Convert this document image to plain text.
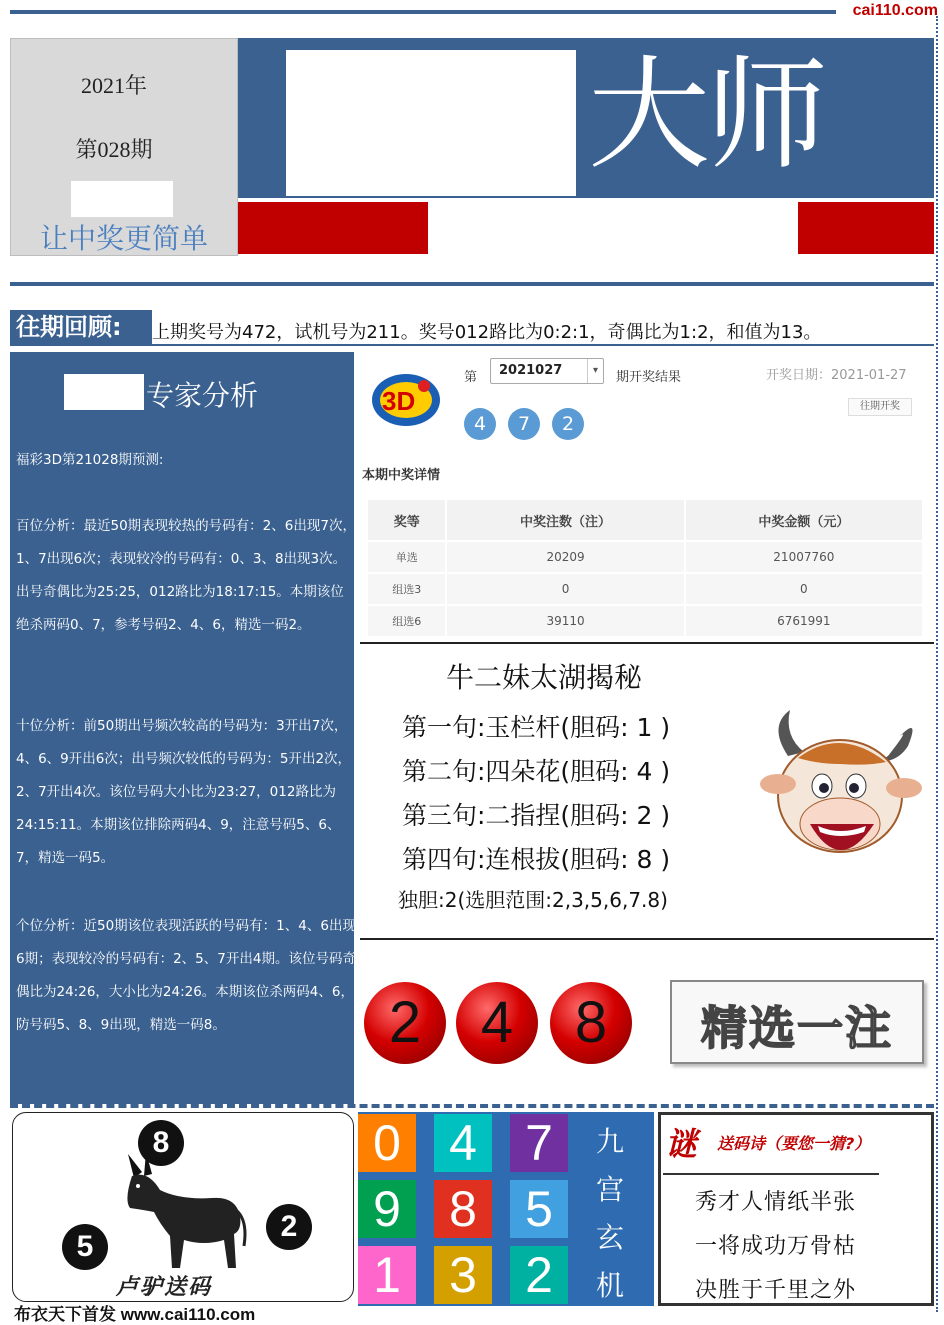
cai110.com
2021年
第028期
让中奖更简单
大师
往期回顾:	上期奖号为472，试机号为211。奖号012路比为0:2:1，奇偶比为1:2，和值为13。
专家分析
福彩3D第21028期预测:
百位分析：最近50期表现较热的号码有：2、6出现7次，1、7出现6次；表现较冷的号码有：0、3、8出现3次。出号奇偶比为25:25，012路比为18:17:15。本期该位绝杀两码0、7，参考号码2、4、6，精选一码2。
十位分析：前50期出号频次较高的号码为：3开出7次，4、6、9开出6次；出号频次较低的号码为：5开出2次，2、7开出4次。该位号码大小比为23:27，012路比为24:15:11。本期该位排除两码4、9，注意号码5、6、7，精选一码5。
个位分析：近50期该位表现活跃的号码有：1、4、6出现6期；表现较冷的号码有：2、5、7开出4期。该位号码奇偶比为24:26，大小比为24:26。本期该位杀两码4、6，防号码5、8、9出现，精选一码8。
3D
第	2021027	▾	期开奖结果	开奖日期：2021-01-27
往期开奖
4	7	2
本期中奖详情
奖等	中奖注数（注）	中奖金额（元）
单选	20209	21007760
组选3	0	0
组选6	39110	6761991
牛二妹太湖揭秘
第一句:玉栏杆(胆码: 1 )
第二句:四朵花(胆码: 4 )
第三句:二指捏(胆码: 2 )
第四句:连根拔(胆码: 8 )
独胆:2(选胆范围:2,3,5,6,7.8)
2	4	8	精选一注
8
5
2
卢驴送码
0 4 7
9 8 5
1 3 2
九
宫
玄
机
谜 送码诗（要您一猜?）
秀才人情纸半张
一将成功万骨枯
决胜于千里之外
布衣天下首发 www.cai110.com
